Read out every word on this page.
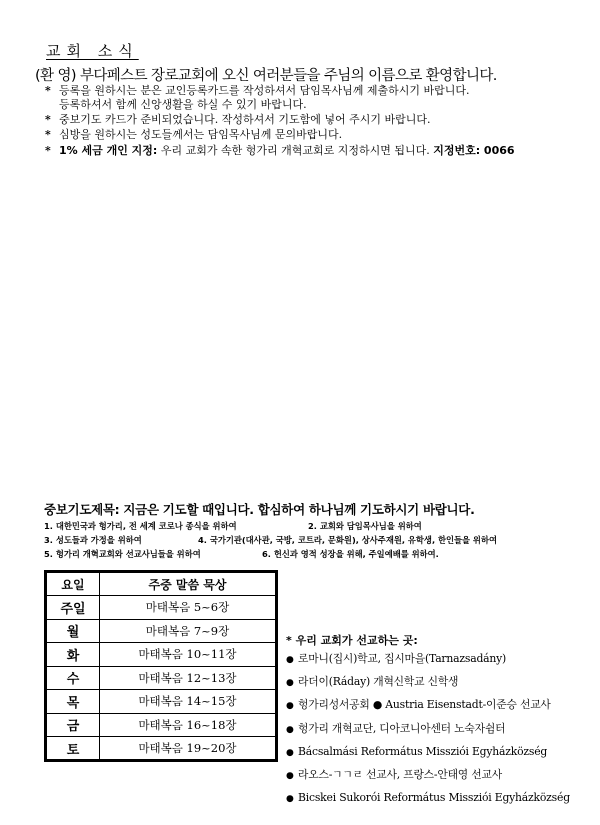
교회 소식
(환 영) 부다페스트 장로교회에 오신 여러분들을 주님의 이름으로 환영합니다.
* 등록을 원하시는 분은 교인등록카드를 작성하셔서 담임목사님께 제출하시기 바랍니다.
등록하셔서 함께 신앙생활을 하실 수 있기 바랍니다.
* 중보기도 카드가 준비되었습니다. 작성하셔서 기도함에 넣어 주시기 바랍니다.
* 심방을 원하시는 성도들께서는 담임목사님께 문의바랍니다.
* 1% 세금 개인 지정: 우리 교회가 속한 헝가리 개혁교회로 지정하시면 됩니다. 지정번호: 0066
중보기도제목: 지금은 기도할 때입니다. 합심하여 하나님께 기도하시기 바랍니다.
1. 대한민국과 헝가리, 전 세계 코로나 종식을 위하여	2. 교회와 담임목사님을 위하여
3. 성도들과 가정을 위하여	4. 국가기관(대사관, 국방, 코트라, 문화원), 상사주재원, 유학생, 한인들을 위하여
5. 헝가리 개혁교회와 선교사님들을 위하여	6. 헌신과 영적 성장을 위해, 주일예배를 위하여.
요일	주중 말씀 묵상
주일	마태복음 5~6장
월	마태복음 7~9장
화	마태복음 10~11장
수	마태복음 12~13장
목	마태복음 14~15장
금	마태복음 16~18장
토	마태복음 19~20장
* 우리 교회가 선교하는 곳:
● 로마니(집시)학교, 집시마을(Tarnazsadány)
● 라더이(Ráday) 개혁신학교 신학생
● 헝가리성서공회 ● Austria Eisenstadt-이준승 선교사
● 헝가리 개혁교단, 디아코니아센터 노숙자쉼터
● Bácsalmási Református Missziói Egyházközség
● 라오스-ㄱㄱㄹ 선교사, 프랑스-안태영 선교사
● Bicskei Sukorói Református Missziói Egyházközség
